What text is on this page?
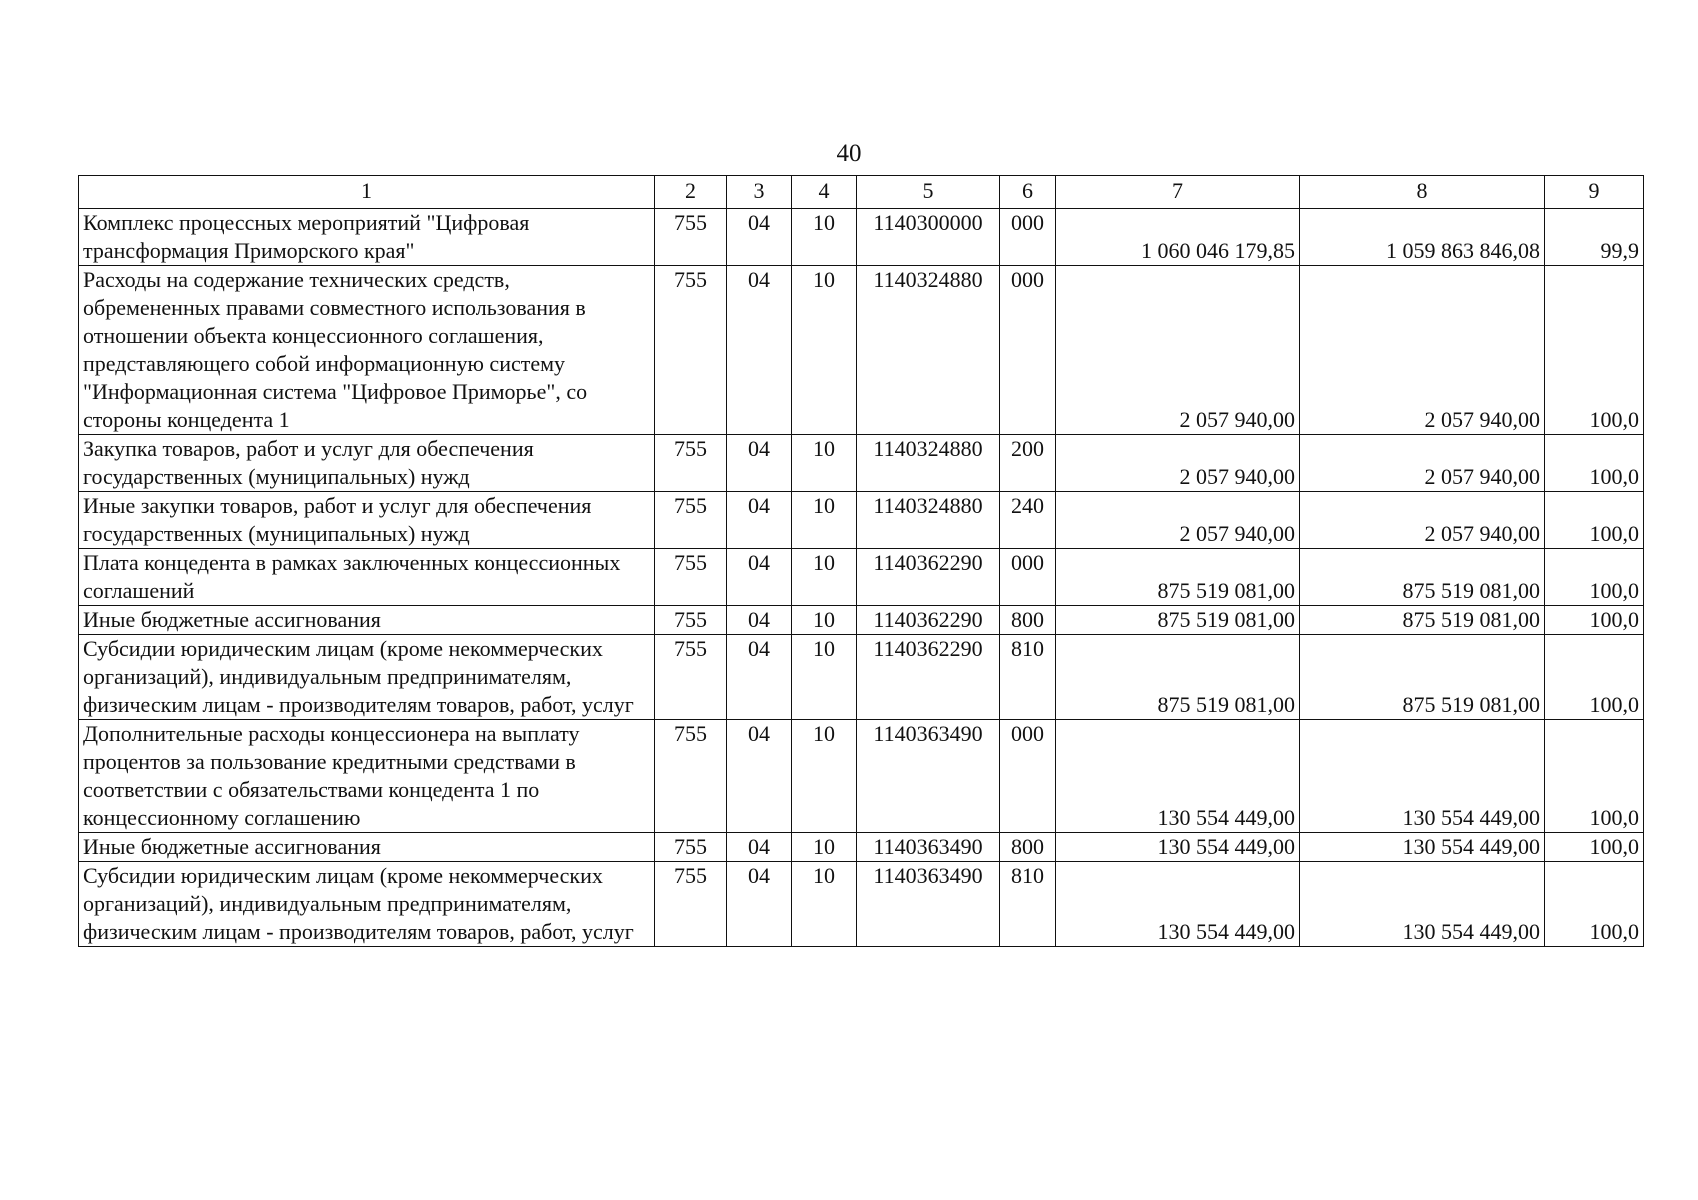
40
1	2	3	4	5	6	7	8	9
Комплекс процессных мероприятий "Цифровая трансформация Приморского края"	755	04	10	1140300000	000	1 060 046 179,85	1 059 863 846,08	99,9
Расходы на содержание технических средств, обремененных правами совместного использования в отношении объекта концессионного соглашения, представляющего собой информационную систему "Информационная система "Цифровое Приморье", со стороны концедента 1	755	04	10	1140324880	000	2 057 940,00	2 057 940,00	100,0
Закупка товаров, работ и услуг для обеспечения государственных (муниципальных) нужд	755	04	10	1140324880	200	2 057 940,00	2 057 940,00	100,0
Иные закупки товаров, работ и услуг для обеспечения государственных (муниципальных) нужд	755	04	10	1140324880	240	2 057 940,00	2 057 940,00	100,0
Плата концедента в рамках заключенных концессионных соглашений	755	04	10	1140362290	000	875 519 081,00	875 519 081,00	100,0
Иные бюджетные ассигнования	755	04	10	1140362290	800	875 519 081,00	875 519 081,00	100,0
Субсидии юридическим лицам (кроме некоммерческих организаций), индивидуальным предпринимателям, физическим лицам - производителям товаров, работ, услуг	755	04	10	1140362290	810	875 519 081,00	875 519 081,00	100,0
Дополнительные расходы концессионера на выплату процентов за пользование кредитными средствами в соответствии с обязательствами концедента 1 по концессионному соглашению	755	04	10	1140363490	000	130 554 449,00	130 554 449,00	100,0
Иные бюджетные ассигнования	755	04	10	1140363490	800	130 554 449,00	130 554 449,00	100,0
Субсидии юридическим лицам (кроме некоммерческих организаций), индивидуальным предпринимателям, физическим лицам - производителям товаров, работ, услуг	755	04	10	1140363490	810	130 554 449,00	130 554 449,00	100,0
